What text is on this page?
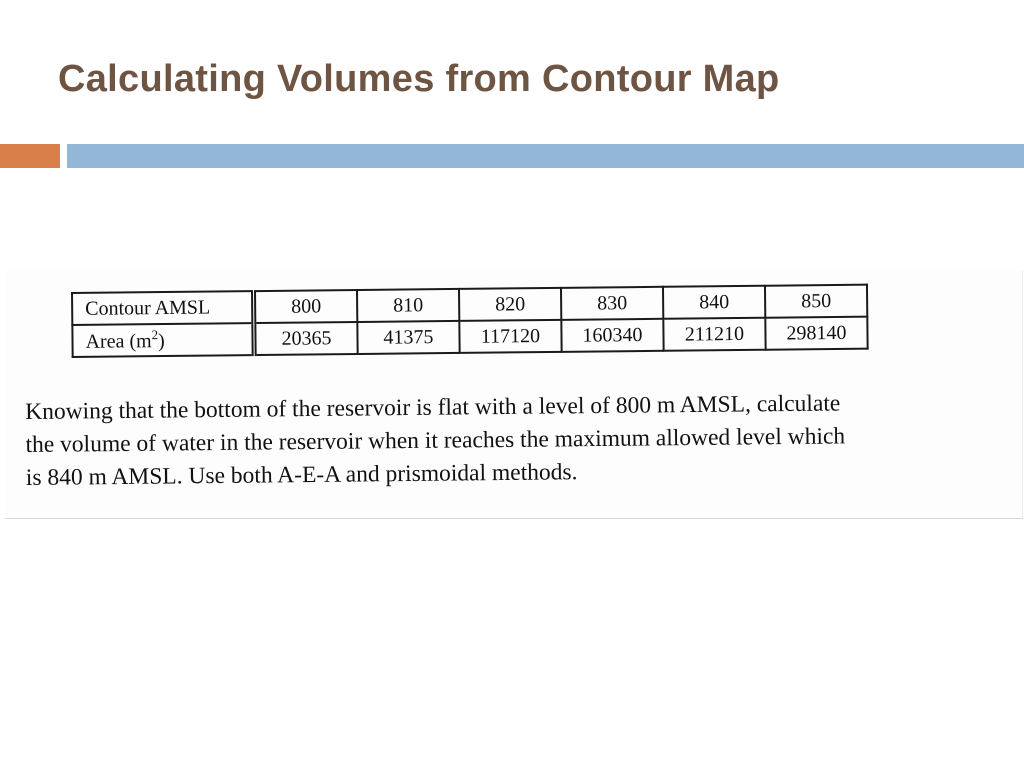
Calculating Volumes from Contour Map
Contour AMSL	800	810	820	830	840	850
Area $(m^2)$	20365	41375	117120	160340	211210	298140
Knowing that the bottom of the reservoir is flat with a level of 800 m AMSL, calculate
the volume of water in the reservoir when it reaches the maximum allowed level which
is 840 m AMSL. Use both A-E-A and prismoidal methods.
